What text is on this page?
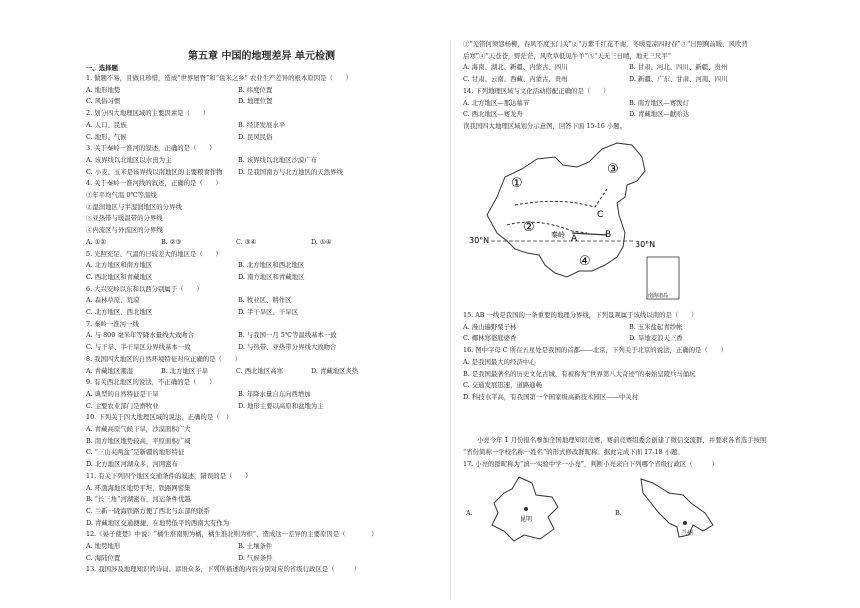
第五章 中国的地理差异 单元检测
一、选择题
1. 做题不易，且做且珍惜，造成“世界屋脊”和“鱼米之乡” 农业生产差异的根本原因是（　　）
A. 地形地势	B. 纬度位置
C. 风俗习惯	D. 地理位置
2. 划分四大地理区域的主要因素是（　　）
A. 人口、民族	B. 经济发展水平
C. 地形、气候	D. 民风民俗
3. 关于秦岭－淮河的叙述，正确的是（　　）
A. 该界线以北地区以水田为主	B. 该界线以北地区沙漠广布
C. 小麦、玉米是该界线以南地区的主要粮食作物 D. 是我国南方与北方地区的天然界线
4. 关于秦岭一淮河线的叙述，正确的是（　　）
①年平均气温 0℃等温线
②湿润地区与半湿润地区的分界线
③亚热带与暖温带的分界线
④内流区与外流区的分界线
A. ①②	B. ②③	C. ③④	D. ①④
5. 光照充足、气温的日较差大的地区是（　　）
A. 北方地区和南方地区	B. 北方地区和西北地区
C. 西北地区和青藏地区	D. 南方地区和青藏地区
6. 大兴安岭以东和以西分别属于（　　）
A. 森林草原、荒漠	B. 牧业区、耕作区
C. 北方地区、西北地区	D. 半干旱区、干旱区
7. 秦岭一淮河一线
A. 与 800 毫米年等降水量线大致吻合	B. 与我国一月 5℃等温线基本一致
C. 与干旱、半干旱区分界线基本一致	D. 与热带、亚热带分界线大致吻合
8. 我国四大地区的自然环境特征对应正确的是（　　）
A. 青藏地区潮湿	B. 北方地区干旱	C. 西北地区高寒	D. 青藏地区炎热
9. 有关西北地区的说法，不正确的是（　　）
A. 典型的自然特征是干旱	B. 年降水量自东向西增加
C. 主要农业部门是畜牧业	D. 地形主要以高原和盆地为主
10. 下列关于四大地理区域的说法，正确的是（　）
A. 青藏高原气候干旱，沙漠面积广大
B. 南方地区地势较高，平原面积广阔
C. “三山夹两盆”是新疆的地形特征
D. 北方地区河湖众多，河网密布
11. 有关下列四个地区交通条件的叙述，错误的是（　　）
A. 环渤海地区地势平坦，铁路网密集
B. “长三角”河湖密布，河运条件优越
C. 兰新一陇海铁路方便了西北与东部的联系
D. 青藏地区交通便捷，在地势低平的西南大有作为
12.《晏子使楚》中说：“橘生淮南则为橘，橘生淮北则为枳”，造成这一差异的主要原因是（　　　　）
A. 地势地形	B. 土壤条件
C. 海陆位置	D. 气候条件
13. 我国涉及地理知识的诗词、谚语众多，下列所描述的内容分别对应的省级行政区是（　　　）
①“羌笛何须怨杨柳，春风不度玉门关”②“万紫千红花不谢，冬暖夏凉四时春”③“日照胸前暖，风吹背
后寒”④“天苍苍，野茫茫，风吹草低见牛羊”⑤“天无三日晴，地无三尺平”
A. 海南、湖北、新疆、内蒙古、四川	B. 甘肃、河北、四川、新疆、贵州
C. 甘肃、云南、西藏、内蒙古、贵州	D. 新疆、广东、甘肃、河南、四川
14. 下列地理区域与文化活动搭配正确的是（　　）
A. 北方地区—那达慕节	B. 南方地区—赛泼灯
C. 西北地区—赛龙舟	D. 青藏地区—献哈达
读我国四大地理区域划分示意图，回答下面 15-16 小题。
15. AB 一线是我国的一条重要的地理分界线，下列景观属于该线以南的是（　　）
A. 漫山遍野栗子林	B. 玉米盐起青纱帐
C. 椰林寒婆庭婆香	D. 旱地麦浪天三香
16. 图中字母 C 所在五星处是我国的首都——北京，下列关于北京的说法，正确的是（　　）
A. 是我国最大的经济中心
B. 是我国最著名的历史文化古城，有被称为“世界第八大奇迹”的秦始皇陵兵马俑坑
C. 交通发展迅速，道路通畅
D. 科技水平高，有我国第一个国家级高新技术园区——中关村
小亮今年 1 月份报名参加全国地理知识竞赛，赛前竞赛组委会创建了微信交流群，并要求各省选手按照
“省份简称一学校名称一姓名”的形式修改群昵称。据此完成下面 17-18 小题。
17. 小亮的群昵称为“滇一实验中学一小亮”，判断小亮来自下列哪个省级行政区（　　　）
①
②
③
④
A	B
C
30°N	30°N
秦岭
南海诸岛
A.
昆明
B.
兰州
